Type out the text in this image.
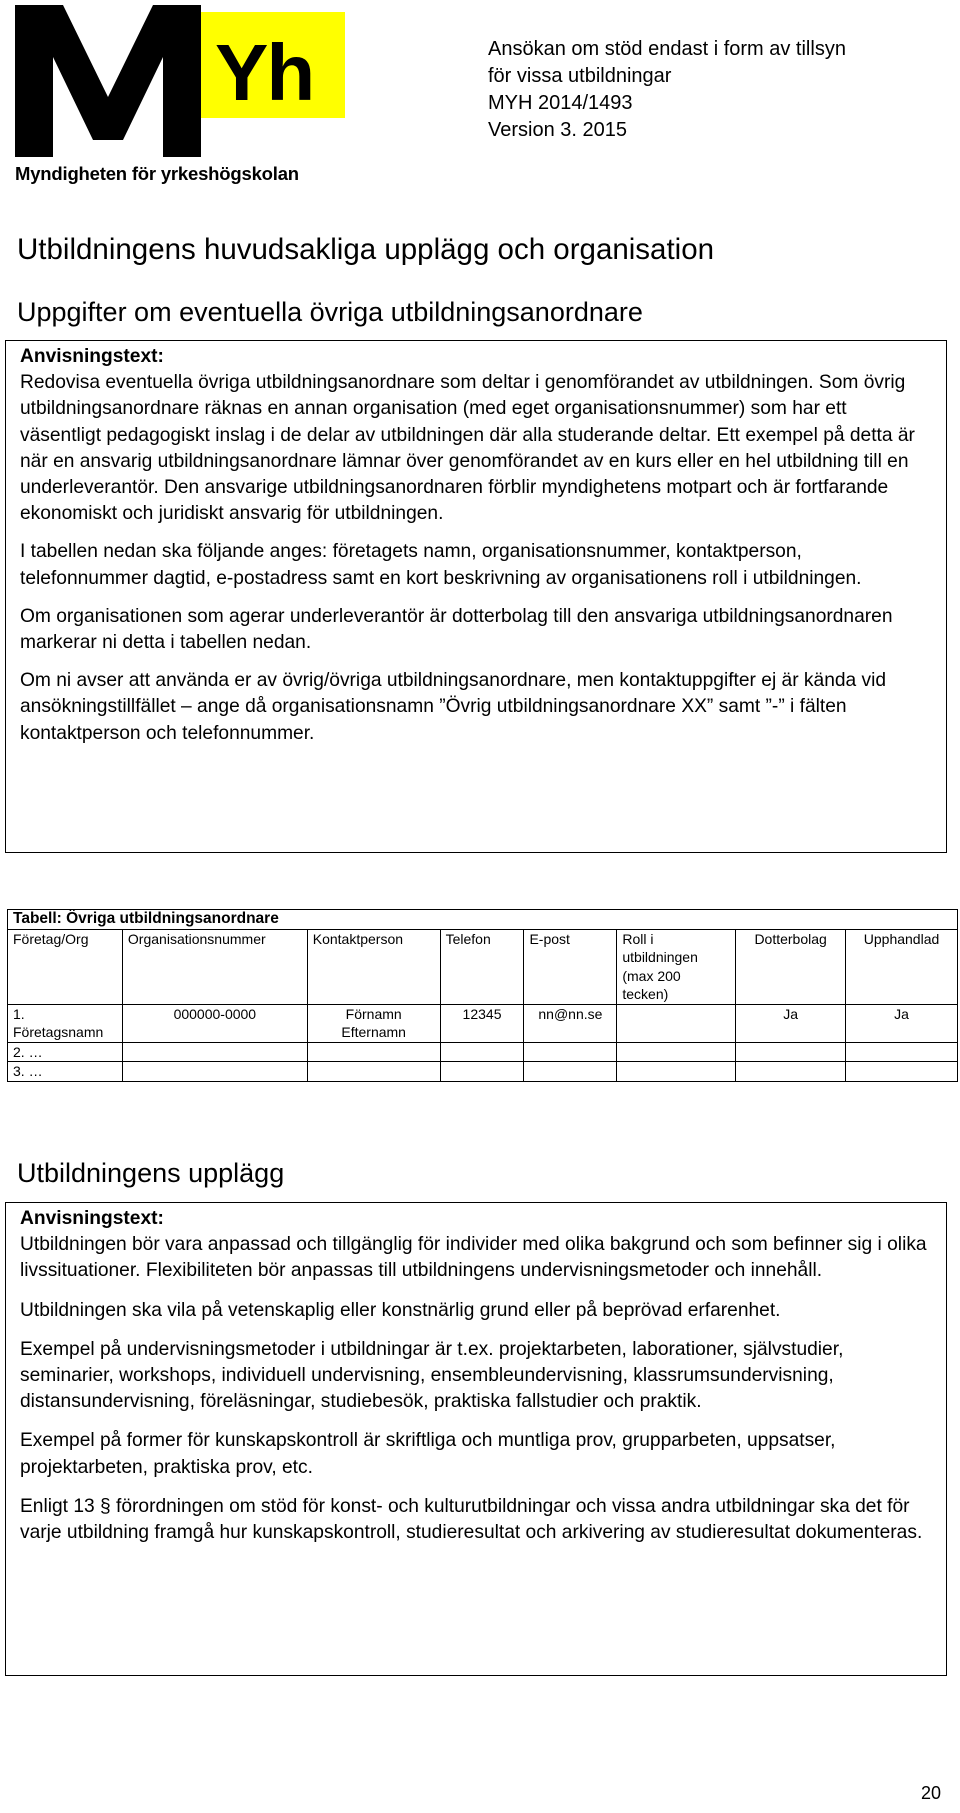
M
Yh
Myndigheten för yrkeshögskolan
Ansökan om stöd endast i form av tillsyn
för vissa utbildningar
MYH 2014/1493
Version 3. 2015
Utbildningens huvudsakliga upplägg och organisation
Uppgifter om eventuella övriga utbildningsanordnare
Anvisningstext:

Redovisa eventuella övriga utbildningsanordnare som deltar i genomförandet av utbildningen. Som övrig utbildningsanordnare räknas en annan organisation (med eget organisationsnummer) som har ett väsentligt pedagogiskt inslag i de delar av utbildningen där alla studerande deltar. Ett exempel på detta är när en ansvarig utbildningsanordnare lämnar över genomförandet av en kurs eller en hel utbildning till en underleverantör. Den ansvarige utbildningsanordnaren förblir myndighetens motpart och är fortfarande ekonomiskt och juridiskt ansvarig för utbildningen.

I tabellen nedan ska följande anges: företagets namn, organisationsnummer, kontaktperson, telefonnummer dagtid, e-postadress samt en kort beskrivning av organisationens roll i utbildningen.

Om organisationen som agerar underleverantör är dotterbolag till den ansvariga utbildningsanordnaren markerar ni detta i tabellen nedan.

Om ni avser att använda er av övrig/övriga utbildningsanordnare, men kontaktuppgifter ej är kända vid ansökningstillfället – ange då organisationsnamn ”Övrig utbildningsanordnare XX” samt ”-” i fälten kontaktperson och telefonnummer.

Tabell: Övriga utbildningsanordnare							
Företag/Org	Organisationsnummer	Kontaktperson	Telefon	E-post	Roll i utbildningen (max 200 tecken)	Dotterbolag	Upphandlad
1. Företagsnamn	000000-0000	Förnamn Efternamn	12345	nn@nn.se		Ja	Ja
2. …							
3. …							
Utbildningens upplägg
Anvisningstext:

Utbildningen bör vara anpassad och tillgänglig för individer med olika bakgrund och som befinner sig i olika livssituationer. Flexibiliteten bör anpassas till utbildningens undervisningsmetoder och innehåll.

Utbildningen ska vila på vetenskaplig eller konstnärlig grund eller på beprövad erfarenhet.

Exempel på undervisningsmetoder i utbildningar är t.ex. projektarbeten, laborationer, självstudier, seminarier, workshops, individuell undervisning, ensembleundervisning, klassrumsundervisning, distansundervisning, föreläsningar, studiebesök, praktiska fallstudier och praktik.

Exempel på former för kunskapskontroll är skriftliga och muntliga prov, grupparbeten, uppsatser, projektarbeten, praktiska prov, etc.

Enligt 13 § förordningen om stöd för konst- och kulturutbildningar och vissa andra utbildningar ska det för varje utbildning framgå hur kunskapskontroll, studieresultat och arkivering av studieresultat dokumenteras.

20
